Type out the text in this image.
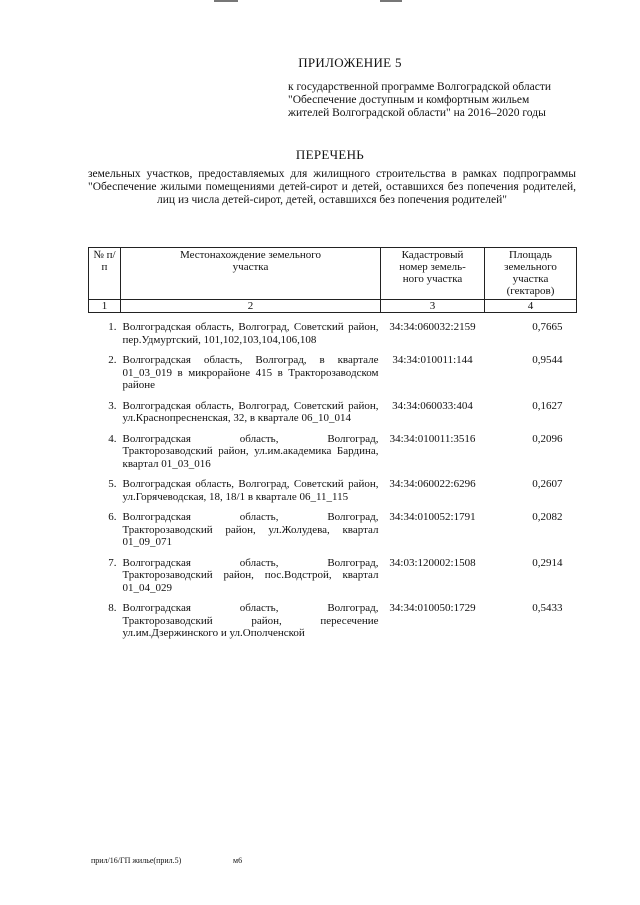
ПРИЛОЖЕНИЕ 5
к государственной программе Волгоградской области
"Обеспечение доступным и комфортным жильем
жителей Волгоградской области" на 2016–2020 годы
ПЕРЕЧЕНЬ
земельных участков, предоставляемых для жилищного строительства в рамках подпрограммы "Обеспечение жилыми помещениями детей-сирот и детей, оставшихся без попечения родителей, лиц из числа детей-сирот, детей, оставшихся без попечения родителей"
№ п/п	Местонахождение земельного участка	Кадастровый номер земель-ного участка	Площадь земельного участка (гектаров)
1	2	3	4

1.	Волгоградская область, Волгоград, Советский район, пер.Удмуртский, 101,102,103,104,106,108	34:34:060032:2159	0,7665

2.	Волгоградская область, Волгоград, в квартале 01_03_019 в микрорайоне 415 в Тракторозаводском районе	34:34:010011:144	0,9544

3.	Волгоградская область, Волгоград, Советский район, ул.Краснопресненская, 32, в квартале 06_10_014	34:34:060033:404	0,1627

4.	Волгоградская область, Волгоград, Тракторозаводский район, ул.им.академика Бардина, квартал 01_03_016	34:34:010011:3516	0,2096

5.	Волгоградская область, Волгоград, Советский район, ул.Горячеводская, 18, 18/1 в квартале 06_11_115	34:34:060022:6296	0,2607

6.	Волгоградская область, Волгоград, Тракторозаводский район, ул.Жолудева, квартал 01_09_071	34:34:010052:1791	0,2082

7.	Волгоградская область, Волгоград, Тракторозаводский район, пос.Водстрой, квартал 01_04_029	34:03:120002:1508	0,2914

8.	Волгоградская область, Волгоград, Тракторозаводский район, пересечение ул.им.Дзержинского и ул.Ополченской	34:34:010050:1729	0,5433
прил/16/ГП жилье(прил.5)	м6
